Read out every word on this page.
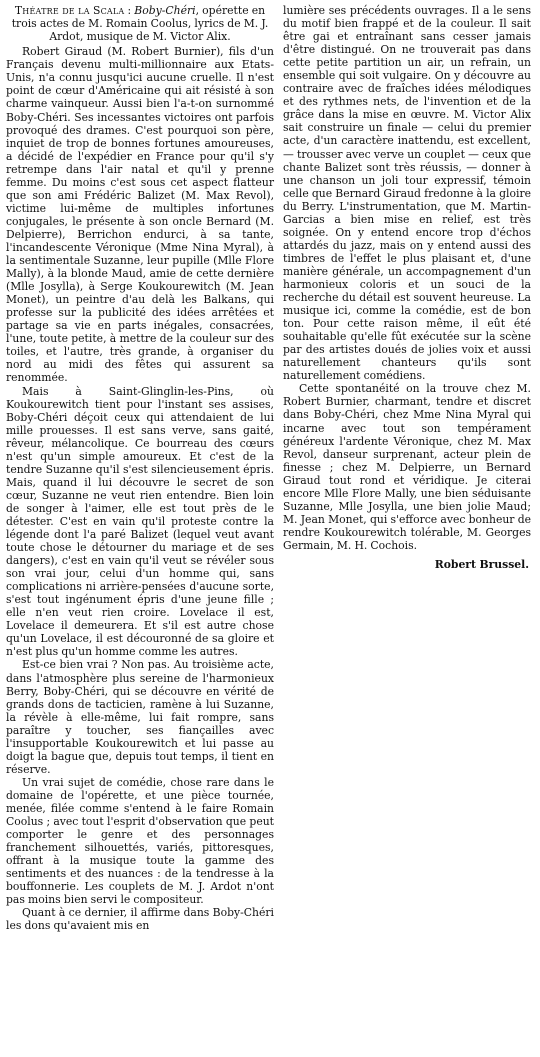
Théatre de la Scala : Boby-Chéri, opérette en trois actes de M. Romain Coolus, lyrics de M. J. Ardot, musique de M. Victor Alix.

Robert Giraud (M. Robert Burnier), fils d'un Français devenu multi-millionnaire aux Etats-Unis, n'a connu jusqu'ici aucune cruelle. Il n'est point de cœur d'Américaine qui ait résisté à son charme vainqueur. Aussi bien l'a-t-on surnommé Boby-Chéri. Ses incessantes victoires ont parfois provoqué des drames. C'est pourquoi son père, inquiet de trop de bonnes fortunes amoureuses, a décidé de l'expédier en France pour qu'il s'y retrempe dans l'air natal et qu'il y prenne femme. Du moins c'est sous cet aspect flatteur que son ami Frédéric Balizet (M. Max Revol), victime lui-même de multiples infortunes conjugales, le présente à son oncle Bernard (M. Delpierre), Berrichon endurci, à sa tante, l'incandescente Véronique (Mme Nina Myral), à la sentimentale Suzanne, leur pupille (Mlle Flore Mally), à la blonde Maud, amie de cette dernière (Mlle Josylla), à Serge Koukourewitch (M. Jean Monet), un peintre d'au delà les Balkans, qui professe sur la publicité des idées arrêtées et partage sa vie en parts inégales, consacrées, l'une, toute petite, à mettre de la couleur sur des toiles, et l'autre, très grande, à organiser du nord au midi des fêtes qui assurent sa renommée.

Mais à Saint-Glinglin-les-Pins, où Koukourewitch tient pour l'instant ses assises, Boby-Chéri déçoit ceux qui attendaient de lui mille prouesses. Il est sans verve, sans gaité, rêveur, mélancolique. Ce bourreau des cœurs n'est qu'un simple amoureux. Et c'est de la tendre Suzanne qu'il s'est silencieusement épris. Mais, quand il lui découvre le secret de son cœur, Suzanne ne veut rien entendre. Bien loin de songer à l'aimer, elle est tout près de le détester. C'est en vain qu'il proteste contre la légende dont l'a paré Balizet (lequel veut avant toute chose le détourner du mariage et de ses dangers), c'est en vain qu'il veut se révéler sous son vrai jour, celui d'un homme qui, sans complications ni arrière-pensées d'aucune sorte, s'est tout ingénument épris d'une jeune fille ; elle n'en veut rien croire. Lovelace il est, Lovelace il demeurera. Et s'il est autre chose qu'un Lovelace, il est découronné de sa gloire et n'est plus qu'un homme comme les autres.

Est-ce bien vrai ? Non pas. Au troisième acte, dans l'atmosphère plus sereine de l'harmonieux Berry, Boby-Chéri, qui se découvre en vérité de grands dons de tacticien, ramène à lui Suzanne, la révèle à elle-même, lui fait rompre, sans paraître y toucher, ses fiançailles avec l'insupportable Koukourewitch et lui passe au doigt la bague que, depuis tout temps, il tient en réserve.

Un vrai sujet de comédie, chose rare dans le domaine de l'opérette, et une pièce tournée, menée, filée comme s'entend à le faire Romain Coolus ; avec tout l'esprit d'observation que peut comporter le genre et des personnages franchement silhouettés, variés, pittoresques, offrant à la musique toute la gamme des sentiments et des nuances : de la tendresse à la bouffonnerie. Les couplets de M. J. Ardot n'ont pas moins bien servi le compositeur.

Quant à ce dernier, il affirme dans Boby-Chéri les dons qu'avaient mis en

lumière ses précédents ouvrages. Il a le sens du motif bien frappé et de la couleur. Il sait être gai et entraînant sans cesser jamais d'être distingué. On ne trouverait pas dans cette petite partition un air, un refrain, un ensemble qui soit vulgaire. On y découvre au contraire avec de fraîches idées mélodiques et des rythmes nets, de l'invention et de la grâce dans la mise en œuvre. M. Victor Alix sait construire un finale — celui du premier acte, d'un caractère inattendu, est excellent, — trousser avec verve un couplet — ceux que chante Balizet sont très réussis, — donner à une chanson un joli tour expressif, témoin celle que Bernard Giraud fredonne à la gloire du Berry. L'instrumentation, que M. Martin-Garcias a bien mise en relief, est très soignée. On y entend encore trop d'échos attardés du jazz, mais on y entend aussi des timbres de l'effet le plus plaisant et, d'une manière générale, un accompagnement d'un harmonieux coloris et un souci de la recherche du détail est souvent heureuse. La musique ici, comme la comédie, est de bon ton. Pour cette raison même, il eût été souhaitable qu'elle fût exécutée sur la scène par des artistes doués de jolies voix et aussi naturellement chanteurs qu'ils sont naturellement comédiens.

Cette spontanéité on la trouve chez M. Robert Burnier, charmant, tendre et discret dans Boby-Chéri, chez Mme Nina Myral qui incarne avec tout son tempérament généreux l'ardente Véronique, chez M. Max Revol, danseur surprenant, acteur plein de finesse ; chez M. Delpierre, un Bernard Giraud tout rond et véridique. Je citerai encore Mlle Flore Mally, une bien séduisante Suzanne, Mlle Josylla, une bien jolie Maud; M. Jean Monet, qui s'efforce avec bonheur de rendre Koukourewitch tolérable, M. Georges Germain, M. H. Cochois.

Robert Brussel.
